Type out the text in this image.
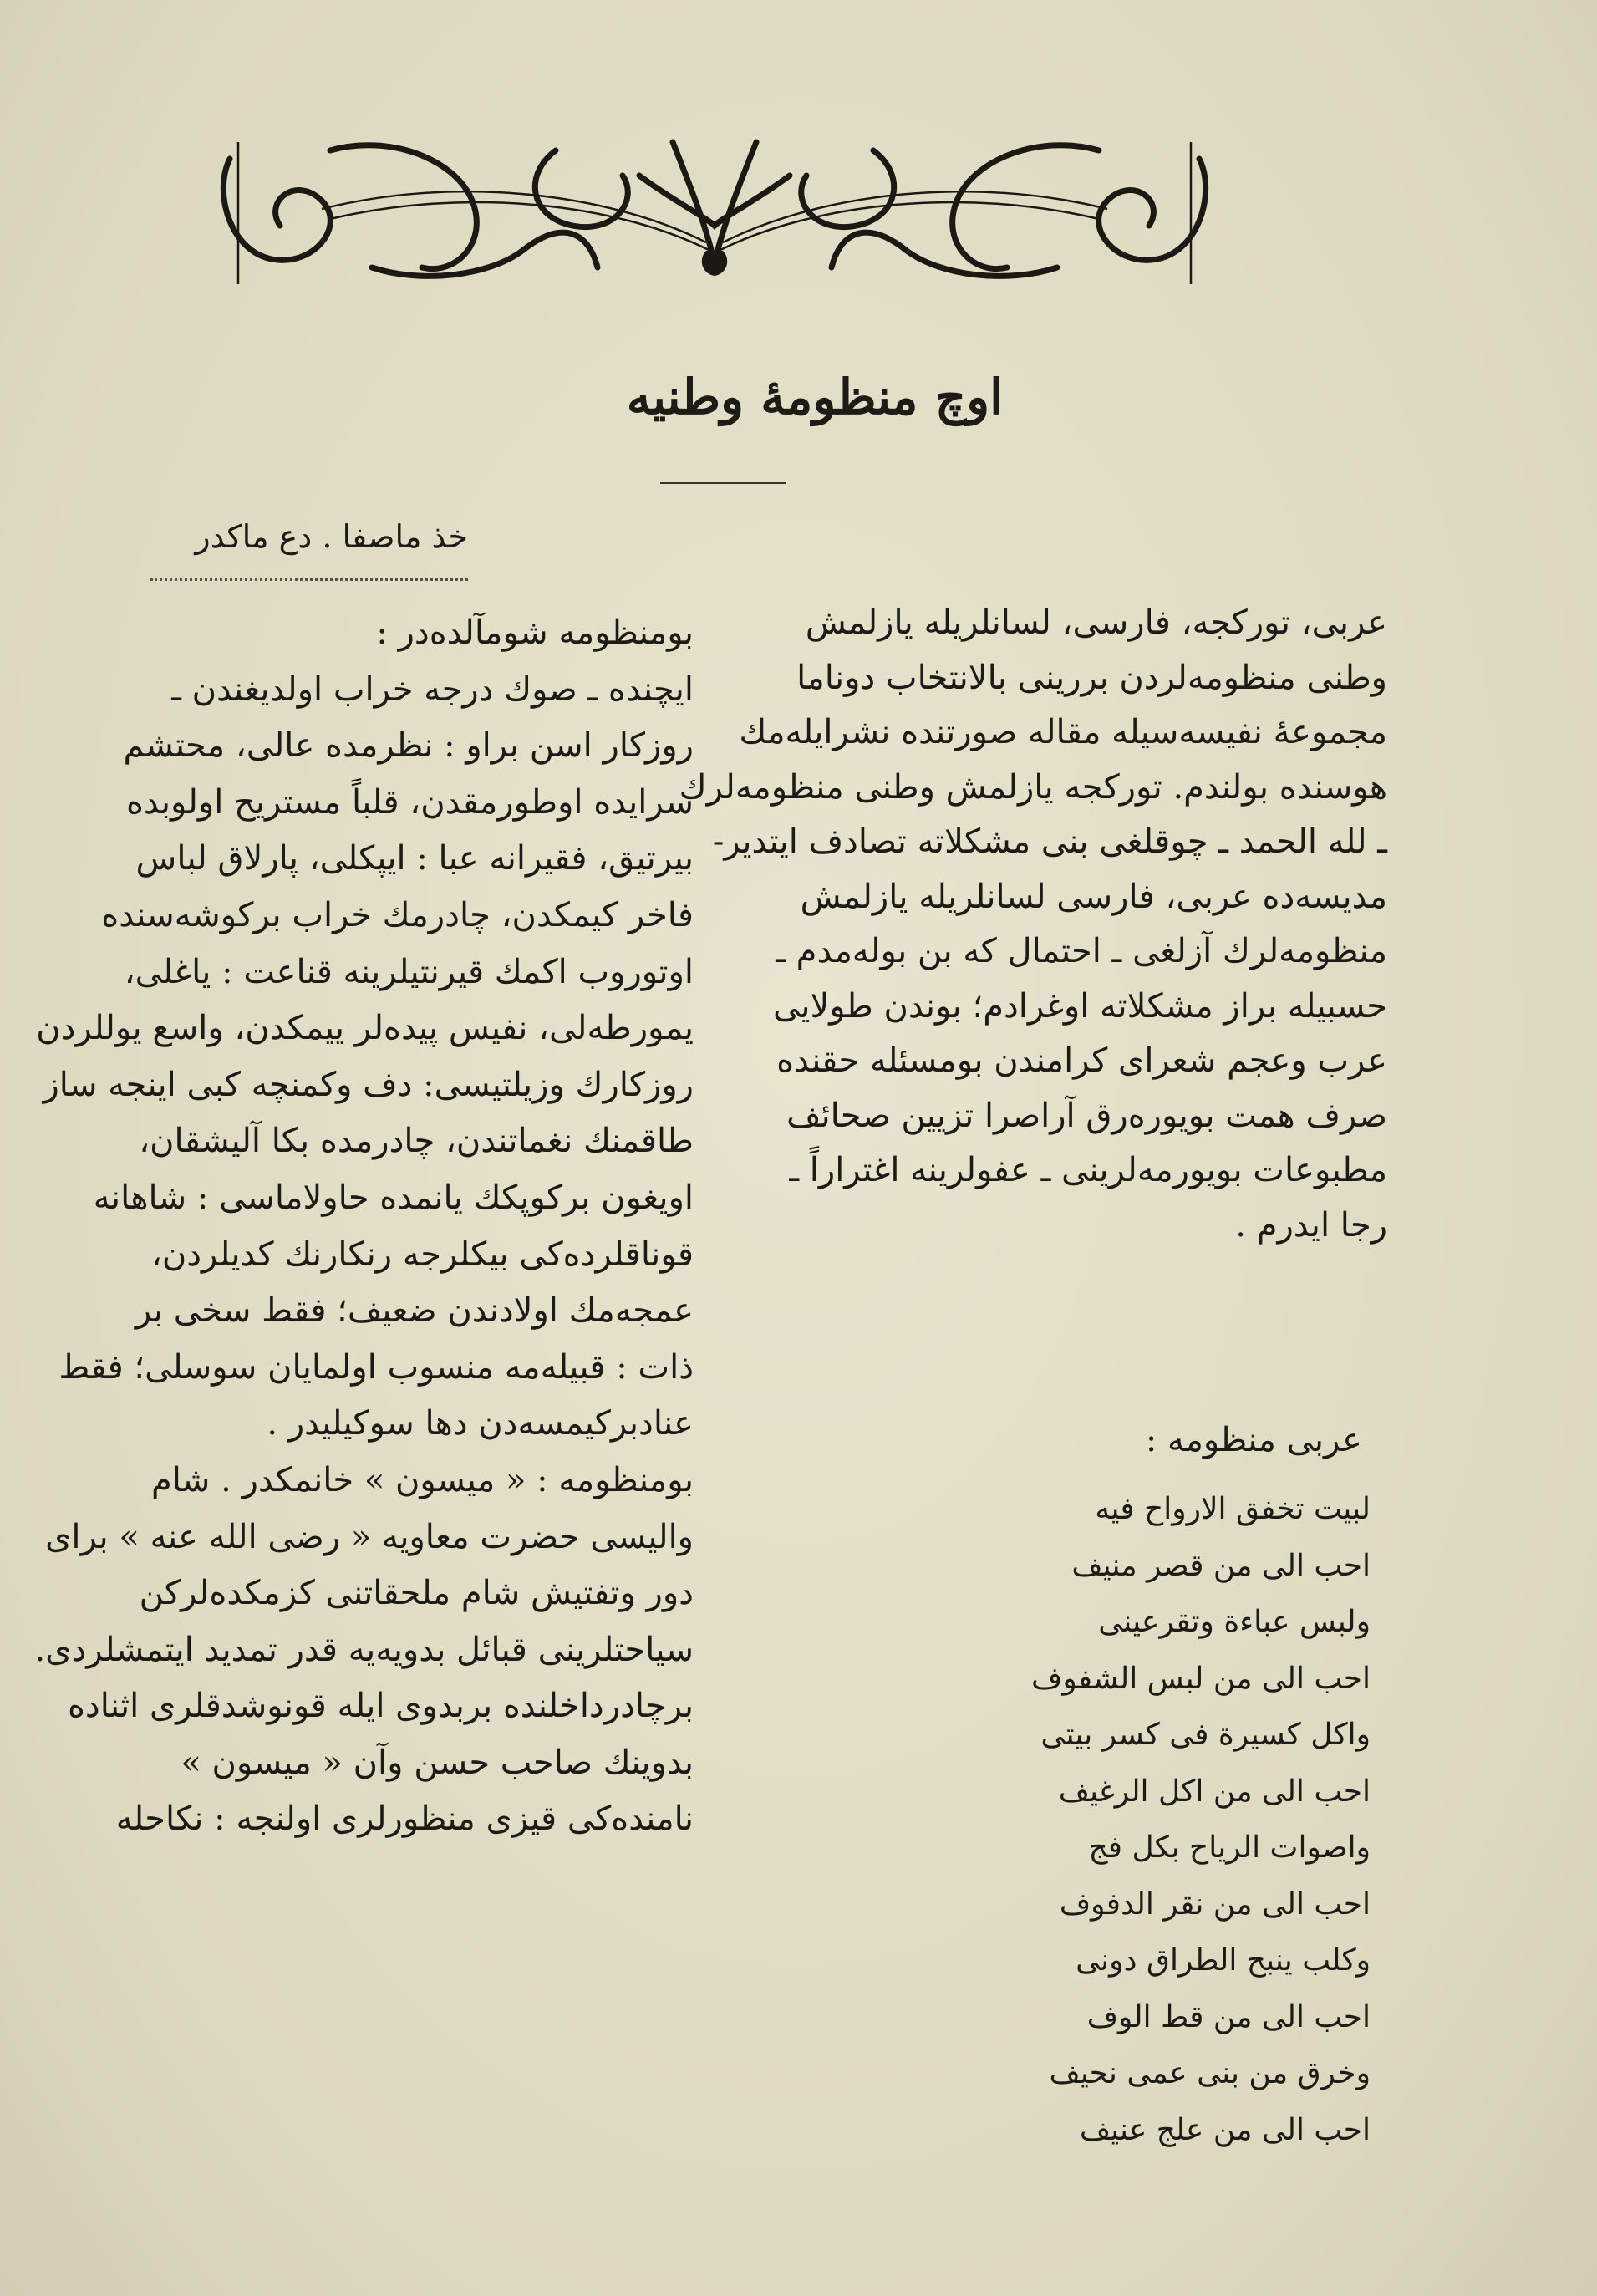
اوچ منظومهٔ وطنیه
خذ ماصفا . دع ماکدر

عربی، تورکجه، فارسی، لسانلریله یازلمش

وطنی منظومه‌لردن بررینی بالانتخاب دوناما

مجموعهٔ نفیسه‌سیله مقاله صورتنده نشرایله‌مك

هوسنده بولندم. تورکجه یازلمش وطنی منظومه‌لرك

ـ لله الحمد ـ چوقلغی بنی مشکلاته تصادف ایتدیر-

مدیسه‌ده عربی، فارسی لسانلریله یازلمش

منظومه‌لرك آزلغی ـ احتمال که بن بوله‌مدم ـ

حسبیله براز مشکلاته اوغرادم؛ بوندن طولایی

عرب وعجم شعرای کرامندن بومسئله حقنده

صرف همت بویوره‌رق آراصرا تزیین صحائف

مطبوعات بویورمه‌لرینی ـ عفولرینه اغتراراً ـ

رجا ایدرم .

عربی منظومه :

لبیت تخفق الارواح فیه

احب الی من قصر منیف

ولبس عباءة وتقرعینی

احب الی من لبس الشفوف

واکل کسیرة فی کسر بیتی

احب الی من اکل الرغیف

واصوات الریاح بکل فج

احب الی من نقر الدفوف

وکلب ینبح الطراق دونی

احب الی من قط الوف

وخرق من بنی عمی نحیف

احب الی من علج عنیف

بومنظومه شومآلده‌در :

ایچنده ـ صوك درجه خراب اولدیغندن ـ

روزکار اسن براو : نظرمده عالی، محتشم

سرایده اوطورمقدن، قلباً مستریح اولوبده

بیرتیق، فقیرانه عبا : ایپکلی، پارلاق لباس

فاخر کیمکدن، چادرمك خراب برکوشه‌سنده

اوتوروب اکمك قیرنتیلرینه قناعت : یاغلی،

یمورطه‌لی، نفیس پیده‌لر ییمکدن، واسع یوللردن

روزکارك وزیلتیسی: دف وکمنچه کبی اینجه ساز

طاقمنك نغماتندن، چادرمده بکا آلیشقان،

اویغون برکوپکك یانمده حاولاماسی : شاهانه

قوناقلرده‌کی بیکلرجه رنکارنك کدیلردن،

عمجه‌مك اولادندن ضعیف؛ فقط سخی بر

ذات : قبیله‌مه منسوب اولمایان سوسلی؛ فقط

عنادبرکیمسه‌دن دها سوکیلیدر .

بومنظومه : « میسون » خانمکدر . شام

والیسی حضرت معاویه « رضی الله عنه » برای

دور وتفتیش شام ملحقاتنی کزمکده‌لرکن

سیاحتلرینی قبائل بدویه‌یه قدر تمدید ایتمشلردی.

برچادرداخلنده بربدوی ایله قونوشدقلری اثناده

بدوینك صاحب حسن وآن « میسون »

نامنده‌کی قیزی منظورلری اولنجه : نکاحله
